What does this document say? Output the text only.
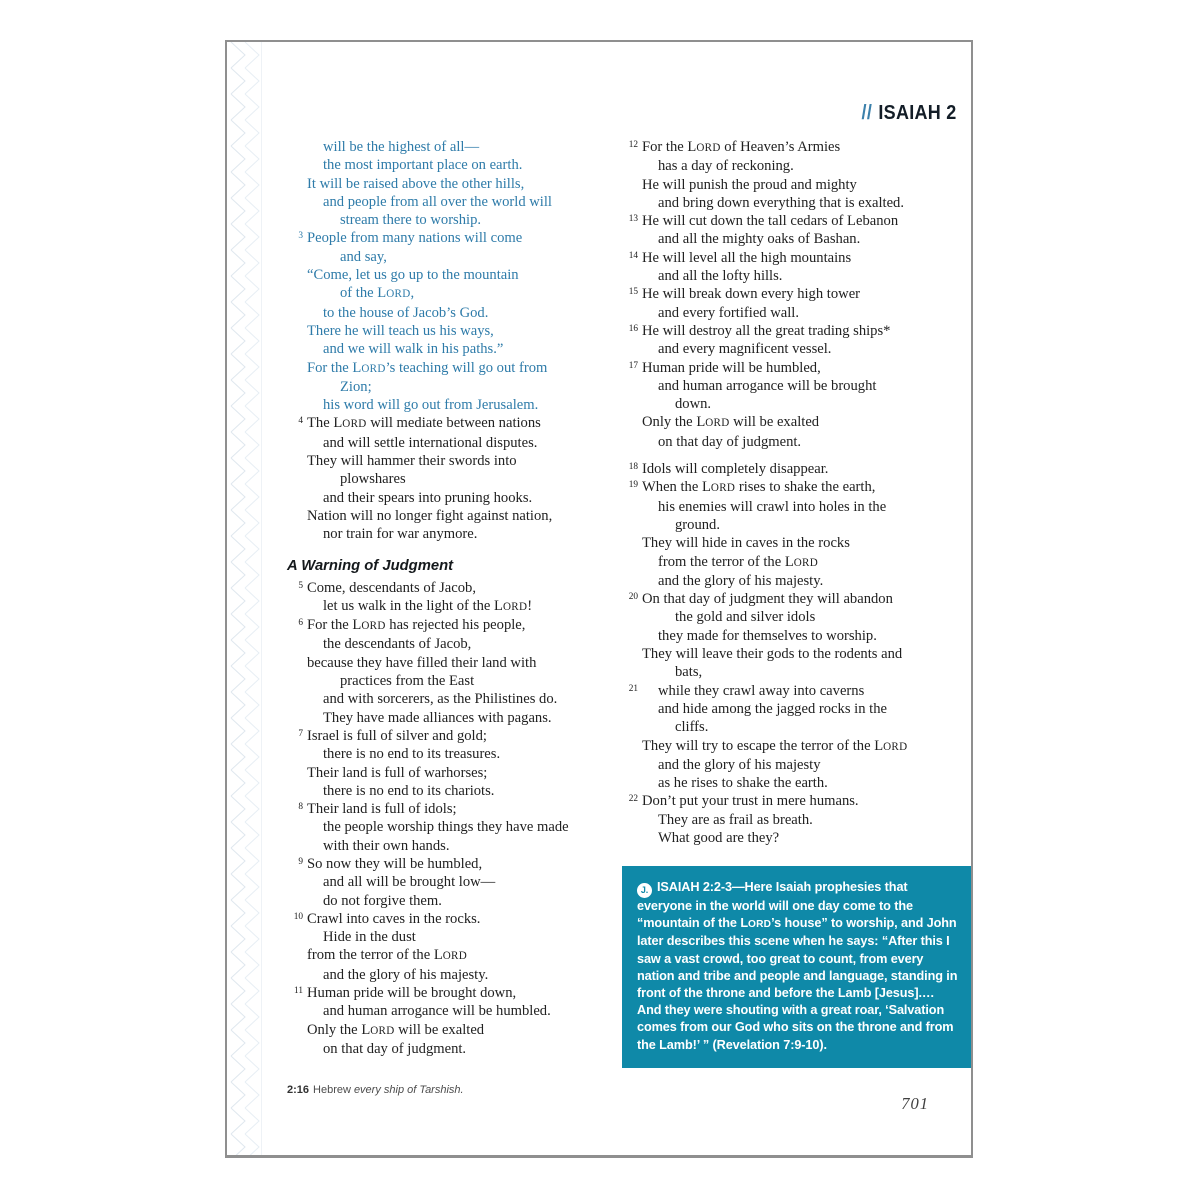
// ISAIAH 2
will be the highest of all—
the most important place on earth.
It will be raised above the other hills,
and people from all over the world will
stream there to worship.
3 People from many nations will come
and say,
“Come, let us go up to the mountain
of the LORD,
to the house of Jacob’s God.
There he will teach us his ways,
and we will walk in his paths.”
For the LORD’s teaching will go out from
Zion;
his word will go out from Jerusalem.
4 The LORD will mediate between nations
and will settle international disputes.
They will hammer their swords into
plowshares
and their spears into pruning hooks.
Nation will no longer fight against nation,
nor train for war anymore.
A Warning of Judgment
5 Come, descendants of Jacob,
let us walk in the light of the LORD!
6 For the LORD has rejected his people,
the descendants of Jacob,
because they have filled their land with
practices from the East
and with sorcerers, as the Philistines do.
They have made alliances with pagans.
7 Israel is full of silver and gold;
there is no end to its treasures.
Their land is full of warhorses;
there is no end to its chariots.
8 Their land is full of idols;
the people worship things they have made
with their own hands.
9 So now they will be humbled,
and all will be brought low—
do not forgive them.
10 Crawl into caves in the rocks.
Hide in the dust
from the terror of the LORD
and the glory of his majesty.
11 Human pride will be brought down,
and human arrogance will be humbled.
Only the LORD will be exalted
on that day of judgment.
12 For the LORD of Heaven’s Armies
has a day of reckoning.
He will punish the proud and mighty
and bring down everything that is exalted.
13 He will cut down the tall cedars of Lebanon
and all the mighty oaks of Bashan.
14 He will level all the high mountains
and all the lofty hills.
15 He will break down every high tower
and every fortified wall.
16 He will destroy all the great trading ships*
and every magnificent vessel.
17 Human pride will be humbled,
and human arrogance will be brought
down.
Only the LORD will be exalted
on that day of judgment.
18 Idols will completely disappear.
19 When the LORD rises to shake the earth,
his enemies will crawl into holes in the
ground.
They will hide in caves in the rocks
from the terror of the LORD
and the glory of his majesty.
20 On that day of judgment they will abandon
the gold and silver idols
they made for themselves to worship.
They will leave their gods to the rodents and
bats,
21 while they crawl away into caverns
and hide among the jagged rocks in the
cliffs.
They will try to escape the terror of the LORD
and the glory of his majesty
as he rises to shake the earth.
22 Don’t put your trust in mere humans.
They are as frail as breath.
What good are they?
J. ISAIAH 2:2-3—Here Isaiah prophesies that everyone in the world will one day come to the “mountain of the LORD’s house” to worship, and John later describes this scene when he says: “After this I saw a vast crowd, too great to count, from every nation and tribe and people and language, standing in front of the throne and before the Lamb [Jesus].… And they were shouting with a great roar, ‘Salvation comes from our God who sits on the throne and from the Lamb!’ ” (Revelation 7:9-10).
2:16 Hebrew every ship of Tarshish.
701
